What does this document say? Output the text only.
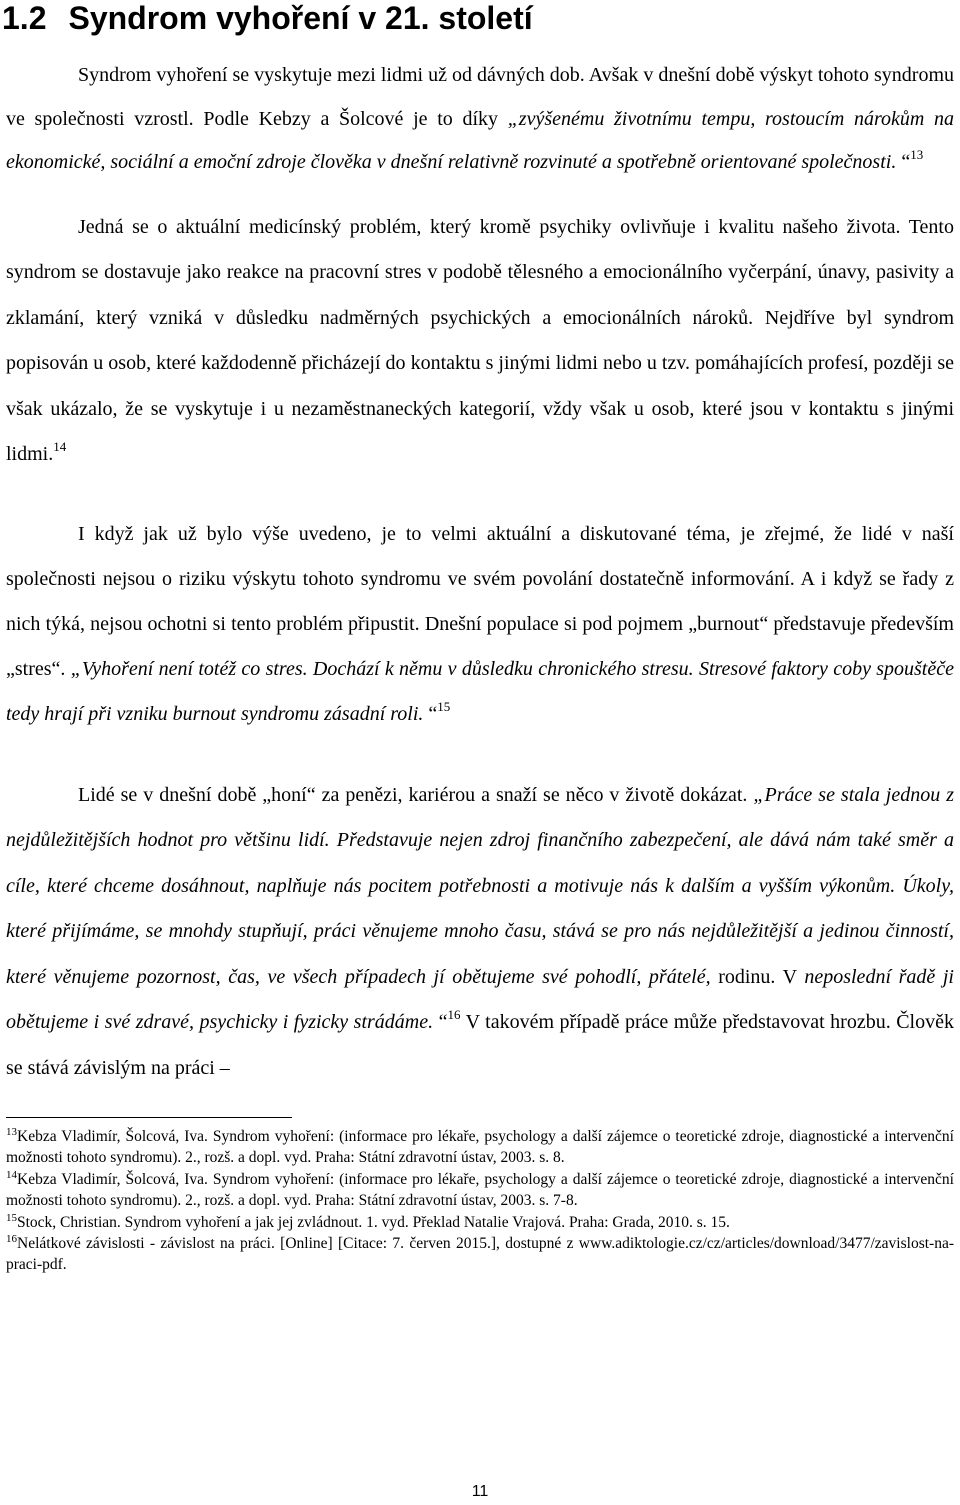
1.2 Syndrom vyhoření v 21. století

Syndrom vyhoření se vyskytuje mezi lidmi už od dávných dob. Avšak v dnešní době výskyt tohoto syndromu ve společnosti vzrostl. Podle Kebzy a Šolcové je to díky „zvýšenému životnímu tempu, rostoucím nárokům na ekonomické, sociální a emoční zdroje člověka v dnešní relativně rozvinuté a spotřebně orientované společnosti. “$^{13}$

Jedná se o aktuální medicínský problém, který kromě psychiky ovlivňuje i kvalitu našeho života. Tento syndrom se dostavuje jako reakce na pracovní stres v podobě tělesného a emocionálního vyčerpání, únavy, pasivity a zklamání, který vzniká v důsledku nadměrných psychických a emocionálních nároků. Nejdříve byl syndrom popisován u osob, které každodenně přicházejí do kontaktu s jinými lidmi nebo u tzv. pomáhajících profesí, později se však ukázalo, že se vyskytuje i u nezaměstnaneckých kategorií, vždy však u osob, které jsou v kontaktu s jinými lidmi.$^{14}$

I když jak už bylo výše uvedeno, je to velmi aktuální a diskutované téma, je zřejmé, že lidé v naší společnosti nejsou o riziku výskytu tohoto syndromu ve svém povolání dostatečně informování. A i když se řady z nich týká, nejsou ochotni si tento problém připustit. Dnešní populace si pod pojmem „burnout“ představuje především „stres“. „Vyhoření není totéž co stres. Dochází k němu v důsledku chronického stresu. Stresové faktory coby spouštěče tedy hrají při vzniku burnout syndromu zásadní roli. “$^{15}$

Lidé se v dnešní době „honí“ za penězi, kariérou a snaží se něco v životě dokázat. „Práce se stala jednou z nejdůležitějších hodnot pro většinu lidí. Představuje nejen zdroj finančního zabezpečení, ale dává nám také směr a cíle, které chceme dosáhnout, naplňuje nás pocitem potřebnosti a motivuje nás k dalším a vyšším výkonům. Úkoly, které přijímáme, se mnohdy stupňují, práci věnujeme mnoho času, stává se pro nás nejdůležitější a jedinou činností, které věnujeme pozornost, čas, ve všech případech jí obětujeme své pohodlí, přátelé, rodinu. V neposlední řadě ji obětujeme i své zdravé, psychicky i fyzicky strádáme. “$^{16}$ V takovém případě práce může představovat hrozbu. Člověk se stává závislým na práci –

$^{13}$Kebza Vladimír, Šolcová, Iva. Syndrom vyhoření: (informace pro lékaře, psychology a další zájemce o teoretické zdroje, diagnostické a intervenční možnosti tohoto syndromu). 2., rozš. a dopl. vyd. Praha: Státní zdravotní ústav, 2003. s. 8.

$^{14}$Kebza Vladimír, Šolcová, Iva. Syndrom vyhoření: (informace pro lékaře, psychology a další zájemce o teoretické zdroje, diagnostické a intervenční možnosti tohoto syndromu). 2., rozš. a dopl. vyd. Praha: Státní zdravotní ústav, 2003. s. 7-8.

$^{15}$Stock, Christian. Syndrom vyhoření a jak jej zvládnout. 1. vyd. Překlad Natalie Vrajová. Praha: Grada, 2010. s. 15.

$^{16}$Nelátkové závislosti - závislost na práci. [Online] [Citace: 7. červen 2015.], dostupné z www.adiktologie.cz/cz/articles/download/3477/zavislost-na-praci-pdf.

11
